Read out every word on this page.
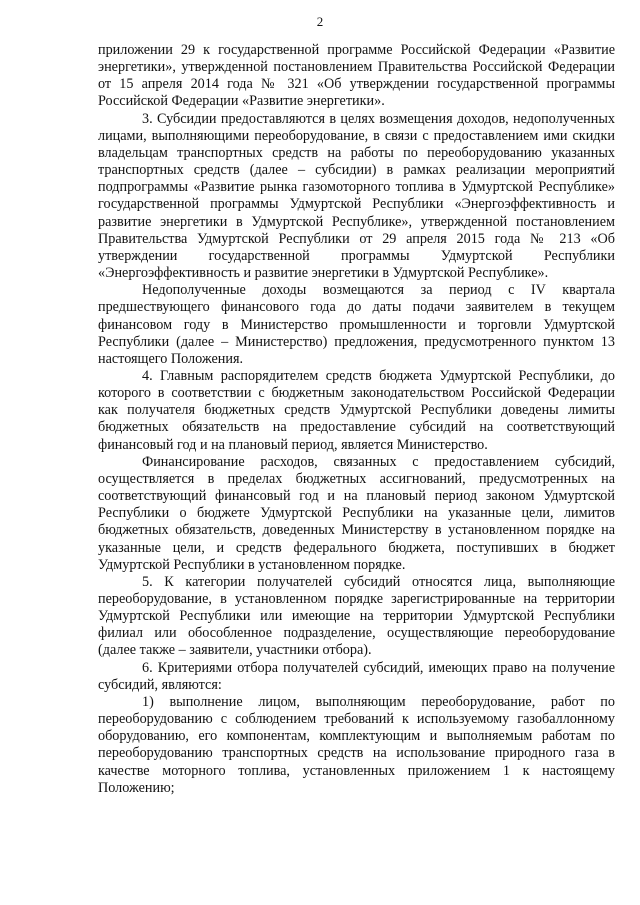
2

приложении 29 к государственной программе Российской Федерации «Развитие энергетики», утвержденной постановлением Правительства Российской Федерации от 15 апреля 2014 года № 321 «Об утверждении государственной программы Российской Федерации «Развитие энергетики».

3. Субсидии предоставляются в целях возмещения доходов, недополученных лицами, выполняющими переоборудование, в связи с предоставлением ими скидки владельцам транспортных средств на работы по переоборудованию указанных транспортных средств (далее – субсидии) в рамках реализации мероприятий подпрограммы «Развитие рынка газомоторного топлива в Удмуртской Республике» государственной программы Удмуртской Республики «Энергоэффективность и развитие энергетики в Удмуртской Республике», утвержденной постановлением Правительства Удмуртской Республики от 29 апреля 2015 года № 213 «Об утверждении государственной программы Удмуртской Республики «Энергоэффективность и развитие энергетики в Удмуртской Республике».

Недополученные доходы возмещаются за период с IV квартала предшествующего финансового года до даты подачи заявителем в текущем финансовом году в Министерство промышленности и торговли Удмуртской Республики (далее – Министерство) предложения, предусмотренного пунктом 13 настоящего Положения.

4. Главным распорядителем средств бюджета Удмуртской Республики, до которого в соответствии с бюджетным законодательством Российской Федерации как получателя бюджетных средств Удмуртской Республики доведены лимиты бюджетных обязательств на предоставление субсидий на соответствующий финансовый год и на плановый период, является Министерство.

Финансирование расходов, связанных с предоставлением субсидий, осуществляется в пределах бюджетных ассигнований, предусмотренных на соответствующий финансовый год и на плановый период законом Удмуртской Республики о бюджете Удмуртской Республики на указанные цели, лимитов бюджетных обязательств, доведенных Министерству в установленном порядке на указанные цели, и средств федерального бюджета, поступивших в бюджет Удмуртской Республики в установленном порядке.

5. К категории получателей субсидий относятся лица, выполняющие переоборудование, в установленном порядке зарегистрированные на территории Удмуртской Республики или имеющие на территории Удмуртской Республики филиал или обособленное подразделение, осуществляющие переоборудование (далее также – заявители, участники отбора).

6. Критериями отбора получателей субсидий, имеющих право на получение субсидий, являются:

1) выполнение лицом, выполняющим переоборудование, работ по переоборудованию с соблюдением требований к используемому газобаллонному оборудованию, его компонентам, комплектующим и выполняемым работам по переоборудованию транспортных средств на использование природного газа в качестве моторного топлива, установленных приложением 1 к настоящему Положению;
